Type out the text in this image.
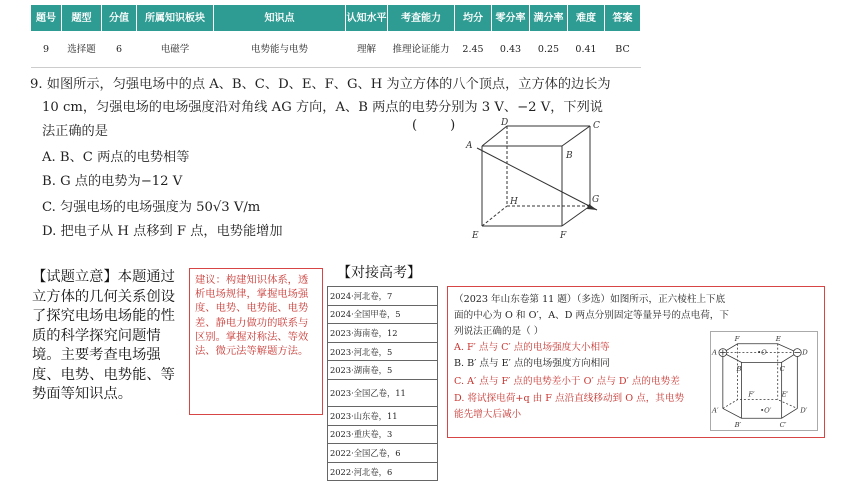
题号	题型	分值	所属知识板块	知识点	认知水平	考查能力	均分	零分率	满分率	难度	答案
9	选择题	6	电磁学	电势能与电势	理解	推理论证能力	2.45	0.43	0.25	0.41	BC
9. 如图所示，匀强电场中的点 A、B、C、D、E、F、G、H 为立方体的八个顶点，立方体的边长为
10 cm，匀强电场的电场强度沿对角线 AG 方向，A、B 两点的电势分别为 3 V、−2 V，下列说
法正确的是	(        )
A. B、C 两点的电势相等
B. G 点的电势为−12 V
C. 匀强电场的电场强度为 50√3 V/m
D. 把电子从 H 点移到 F 点，电势能增加
A
D	C
B
G
H
E	F
【试题立意】本题通过立方体的几何关系创设了探究电场电场能的性质的科学探究问题情境。主要考查电场强度、电势、电势能、等势面等知识点。

建议：构建知识体系，透析电场规律，掌握电场强度、电势、电势能、电势差、静电力做功的联系与区别。掌握对称法、等效法、微元法等解题方法。

【对接高考】
2024·河北卷，7
2024·全国甲卷，5
2023·海南卷，12
2023·河北卷，5
2023·湖南卷，5
2023·全国乙卷，11
2023·山东卷，11
2023·重庆卷，3
2022·全国乙卷，6
2022·河北卷，6
（2023 年山东卷第 11 题）（多选）如图所示，正六棱柱上下底
面的中心为 O 和 O′，A、D 两点分别固定等量异号的点电荷，下
列说法正确的是（ ）
A. F′ 点与 C′ 点的电场强度大小相等
B. B′ 点与 E′ 点的电场强度方向相同
C. A′ 点与 F′ 点的电势差小于 O′ 点与 D′ 点的电势差
D. 将试探电荷+q 由 F 点沿直线移动到 O 点，其电势
能先增大后减小
A	D
F	E
B	C
•O
F′	E′
A′	D′
•O′
B′	C′
